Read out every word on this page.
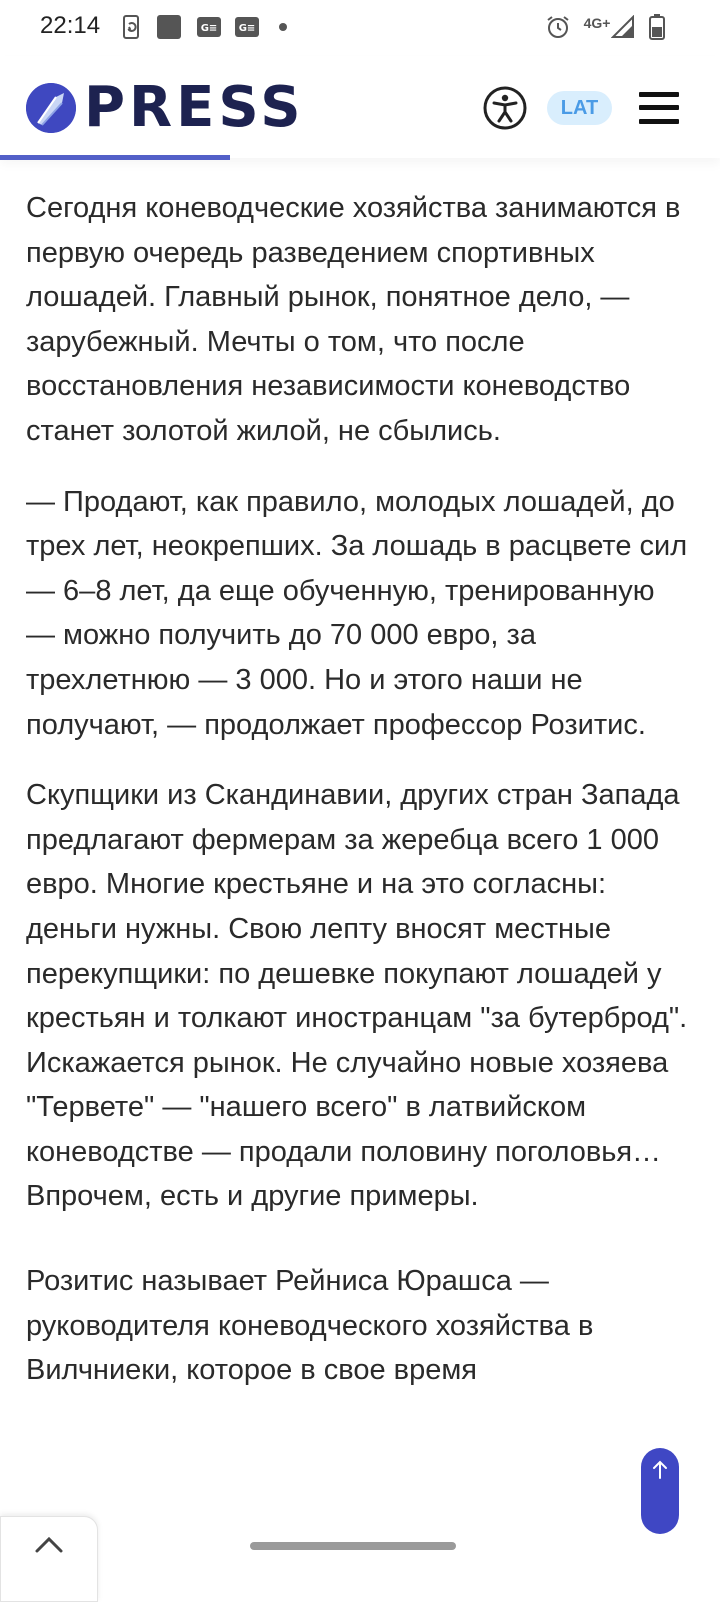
22:14	G≡ G≡	4G+
PRESS	LAT

Сегодня коневодческие хозяйства занимаются в первую очередь разведением спортивных лошадей. Главный рынок, понятное дело, — зарубежный. Мечты о том, что после восстановления независимости коневодство станет золотой жилой, не сбылись.

— Продают, как правило, молодых лошадей, до трех лет, неокрепших. За лошадь в расцвете сил — 6–8 лет, да еще обученную, тренированную — можно получить до 70 000 евро, за трехлетнюю — 3 000. Но и этого наши не получают, — продолжает профессор Розитис.

Скупщики из Скандинавии, других стран Запада предлагают фермерам за жеребца всего 1 000 евро. Многие крестьяне и на это согласны: деньги нужны. Свою лепту вносят местные перекупщики: по дешевке покупают лошадей у крестьян и толкают иностранцам "за бутерброд". Искажается рынок. Не случайно новые хозяева "Тервете" — "нашего всего" в латвийском коневодстве — продали половину поголовья… Впрочем, есть и другие примеры.

Розитис называет Рейниса Юрашса — руководителя коневодческого хозяйства в Вилчниеки, которое в свое время
